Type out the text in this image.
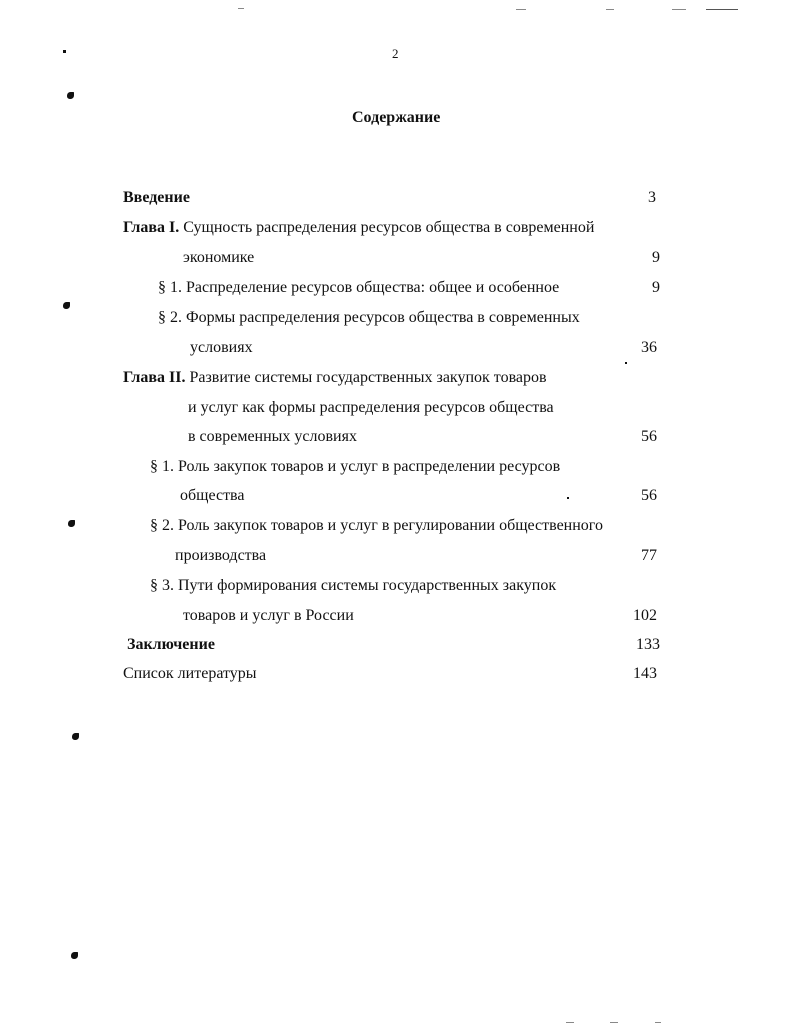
2
Содержание
Введение	3
Глава I. Сущность распределения ресурсов общества в современной
экономике	9
§ 1. Распределение ресурсов общества: общее и особенное	9
§ 2. Формы распределения ресурсов общества в современных
условиях	36
Глава II. Развитие системы государственных закупок товаров
и услуг как формы распределения ресурсов общества
в современных условиях	56
§ 1. Роль закупок товаров и услуг в распределении ресурсов
общества	56
§ 2. Роль закупок товаров и услуг в регулировании общественного
производства	77
§ 3. Пути формирования системы государственных закупок
товаров и услуг в России	102
Заключение	133
Список литературы	143
